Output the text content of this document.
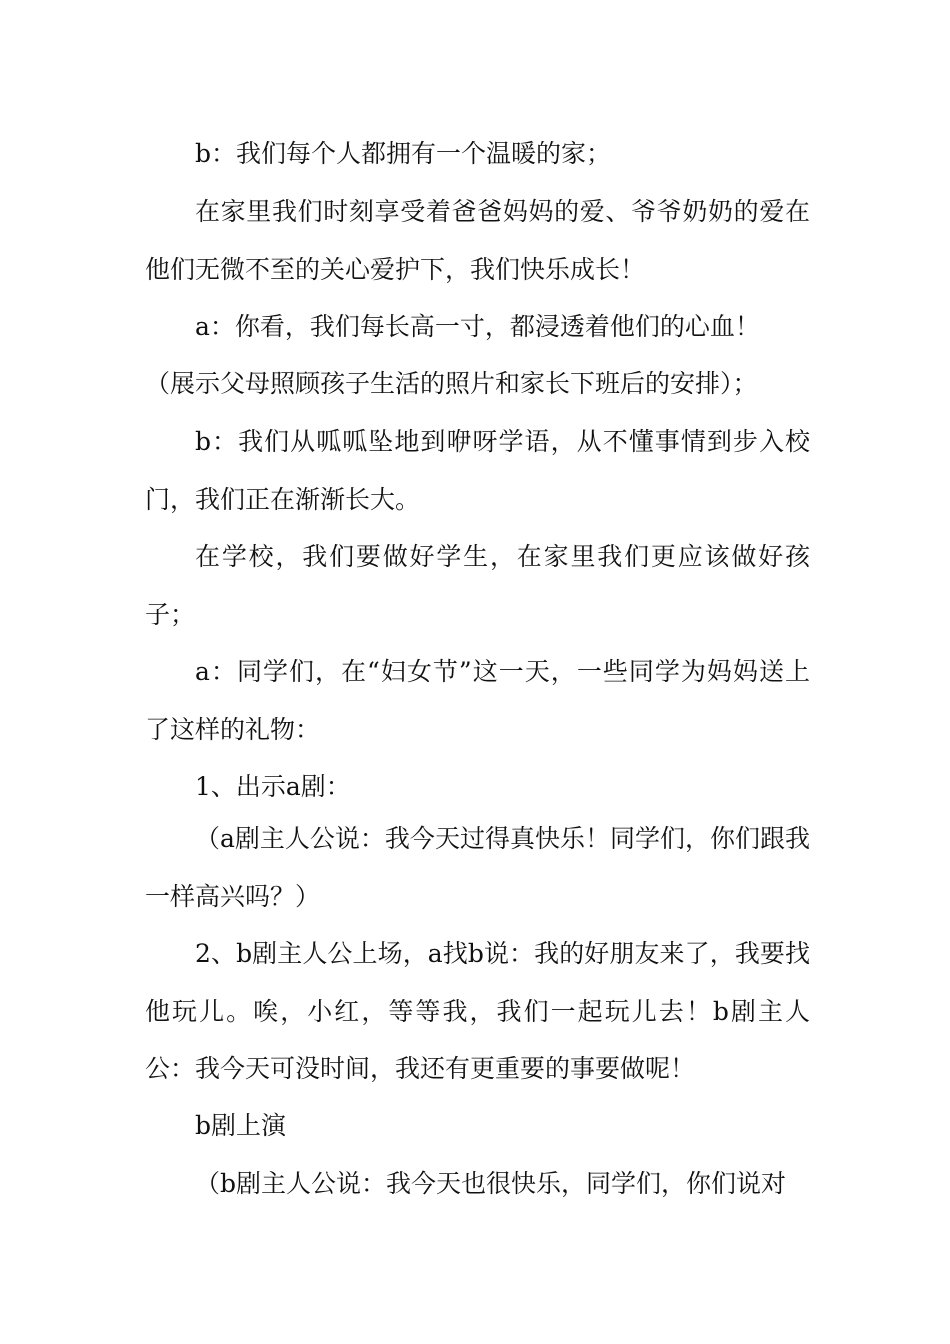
b：我们每个人都拥有一个温暖的家；

在家里我们时刻享受着爸爸妈妈的爱、爷爷奶奶的爱在他们无微不至的关心爱护下，我们快乐成长！

a：你看，我们每长高一寸，都浸透着他们的心血！

（展示父母照顾孩子生活的照片和家长下班后的安排）；

b：我们从呱呱坠地到咿呀学语，从不懂事情到步入校门，我们正在渐渐长大。

在学校，我们要做好学生，在家里我们更应该做好孩子；

a：同学们，在“妇女节”这一天，一些同学为妈妈送上了这样的礼物：

1、出示a剧：

（a剧主人公说：我今天过得真快乐！同学们，你们跟我一样高兴吗？）

2、b剧主人公上场，a找b说：我的好朋友来了，我要找他玩儿。唉，小红，等等我，我们一起玩儿去！b剧主人公：我今天可没时间，我还有更重要的事要做呢！

b剧上演

（b剧主人公说：我今天也很快乐，同学们，你们说对
